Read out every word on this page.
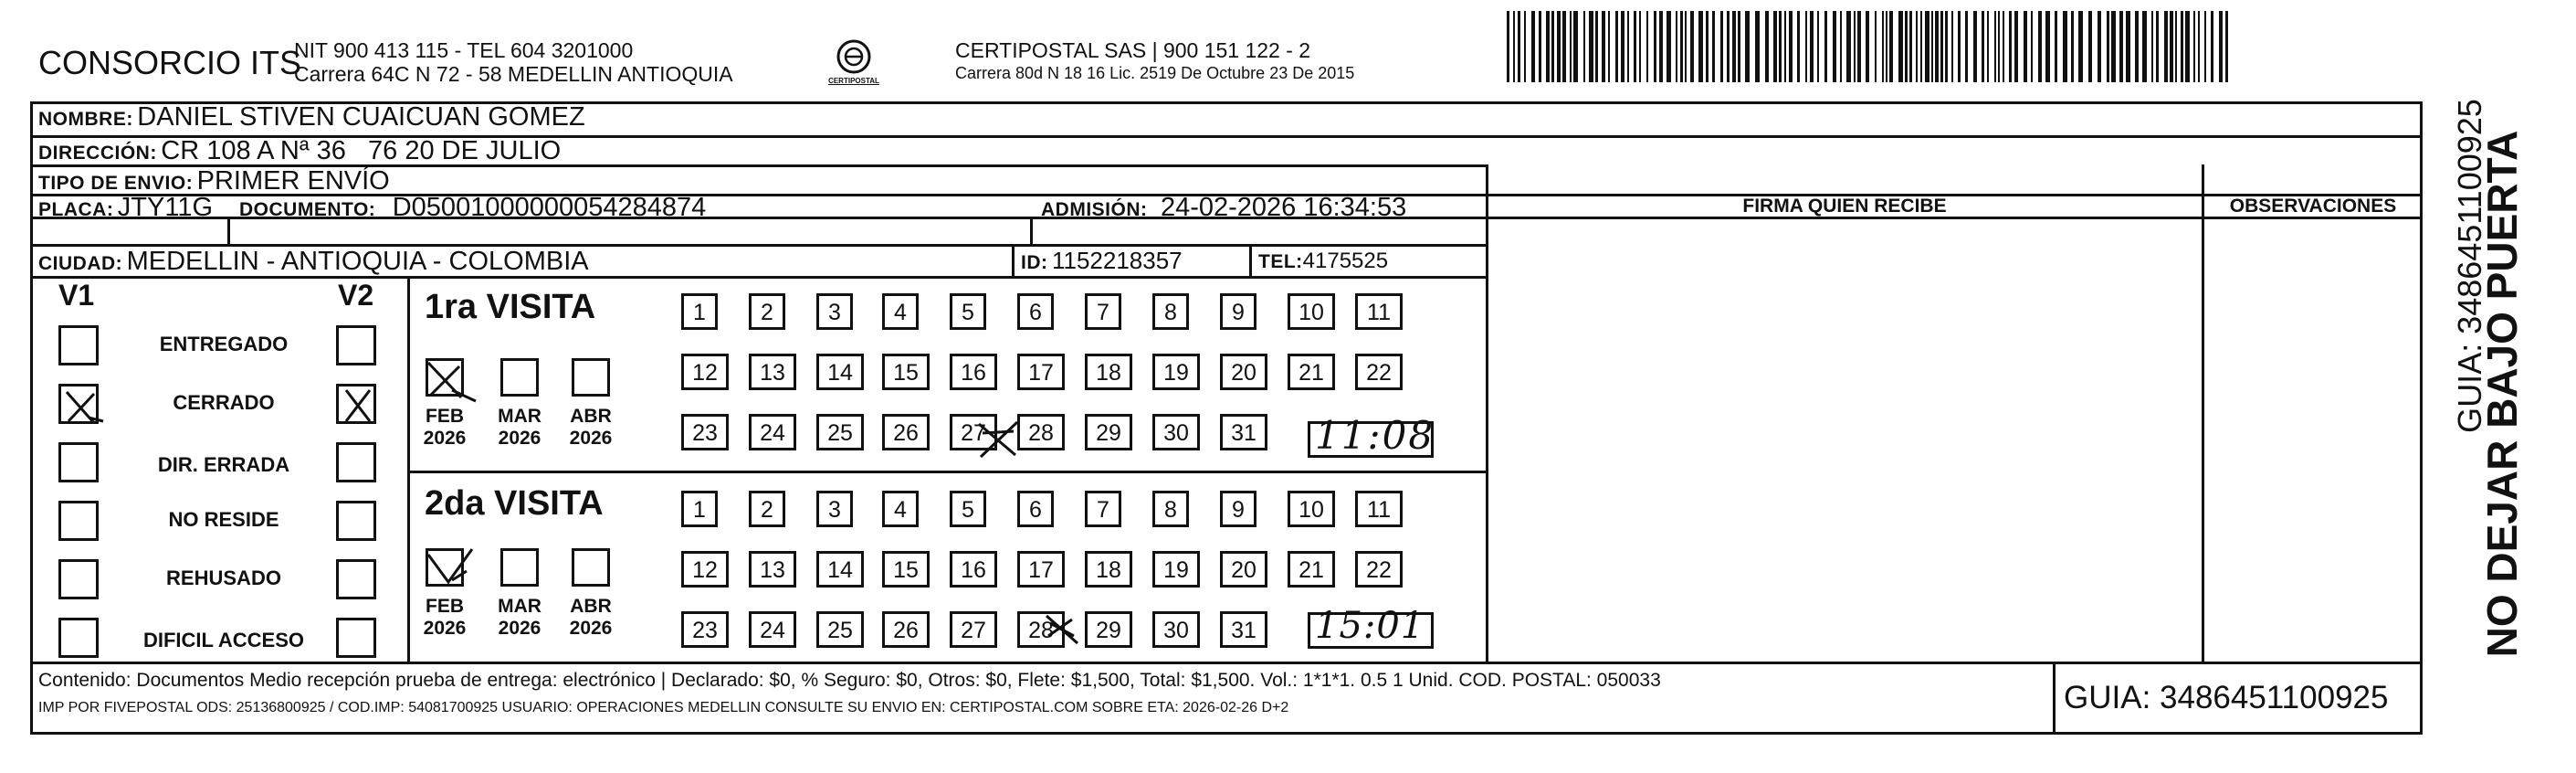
CONSORCIO ITS
NIT 900 413 115 - TEL 604 3201000
Carrera 64C N 72 - 58 MEDELLIN ANTIOQUIA	CERTIPOSTAL
CERTIPOSTAL SAS | 900 151 122 - 2
Carrera 80d N 18 16 Lic. 2519 De Octubre 23 De 2015
NO DEJAR BAJO PUERTA
GUIA: 3486451100925
NOMBRE: DANIEL STIVEN CUAICUAN GOMEZ
DIRECCIÓN: CR 108 A Nª 36   76 20 DE JULIO
TIPO DE ENVIO: PRIMER ENVÍO
PLACA: JTY11G DOCUMENTO: D05001000000054284874	ADMISIÓN: 24-02-2026 16:34:53
CIUDAD: MEDELLIN - ANTIOQUIA - COLOMBIA	ID: 1152218357	TEL:4175525
FIRMA QUIEN RECIBE	OBSERVACIONES
V1	V2
ENTREGADO
CERRADO
DIR. ERRADA
NO RESIDE
REHUSADO
DIFICIL ACCESO
1ra VISITA
FEB
2026
MAR
2026
ABR
2026
1	2	3	4	5	6	7	8	9	10	11
12	13	14	15	16	17	18	19	20	21	22
23	24	25	26	27	28	29	30	31 11:08
2da VISITA
FEB
2026
MAR
2026
ABR
2026
1	2	3	4	5	6	7	8	9	10	11
12	13	14	15	16	17	18	19	20	21	22
23	24	25	26	27	28	29	30	31	15:01
Contenido: Documentos Medio recepción prueba de entrega: electrónico | Declarado: $0, % Seguro: $0, Otros: $0, Flete: $1,500, Total: $1,500. Vol.: 1*1*1. 0.5 1 Unid. COD. POSTAL: 050033
IMP POR FIVEPOSTAL ODS: 25136800925 / COD.IMP: 54081700925 USUARIO: OPERACIONES MEDELLIN CONSULTE SU ENVIO EN: CERTIPOSTAL.COM SOBRE ETA: 2026-02-26 D+2	GUIA: 3486451100925
